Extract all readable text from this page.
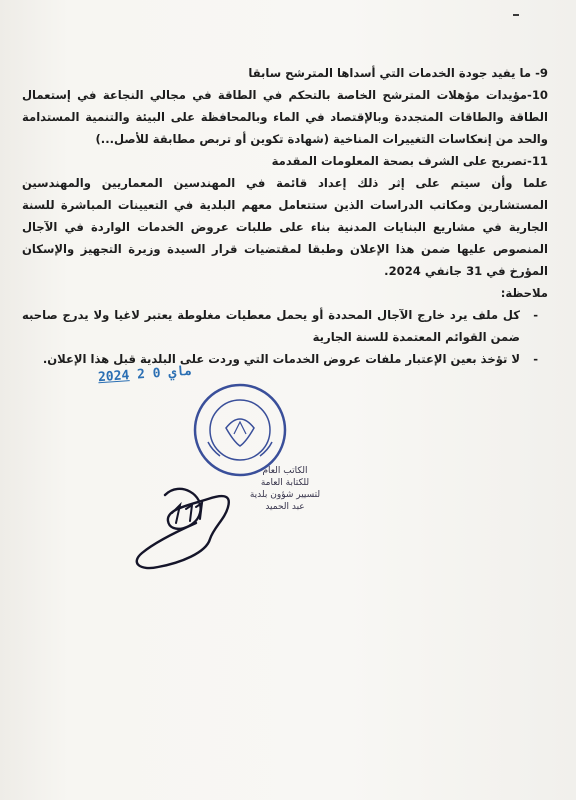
9- ما يفيد جودة الخدمات التي أسداها المترشح سابقا
10-مؤيدات مؤهلات المترشح الخاصة بالتحكم في الطاقة في مجالي النجاعة في إستعمال الطاقة والطاقات المتجددة وبالإقتصاد في الماء وبالمحافظة على البيئة والتنمية المستدامة والحد من إنعكاسات التغييرات المناخية (شهادة تكوين أو تربص مطابقة للأصل...)
11-تصريح على الشرف بصحة المعلومات المقدمة
علما وأن سيتم على إثر ذلك إعداد قائمة في المهندسين المعماريين والمهندسين المستشارين ومكاتب الدراسات الذين ستتعامل معهم البلدية في التعيينات المباشرة للسنة الجارية في مشاريع البنايات المدنية بناء على طلبات عروض الخدمات الواردة في الآجال المنصوص عليها ضمن هذا الإعلان وطبقا لمقتضيات قرار السيدة وزيرة التجهيز والإسكان المؤرخ في 31 جانفي 2024.
ملاحظة:
- كل ملف يرد خارج الآجال المحددة أو يحمل معطيات مغلوطة يعتبر لاغيا ولا يدرج صاحبه ضمن القوائم المعتمدة للسنة الجارية
- لا تؤخذ بعين الإعتبار ملفات عروض الخدمات التي وردت على البلدية قبل هذا الإعلان.
2024	ماي 0 2
الكاتب العام
للكتابة العامة
لتسيير شؤون بلدية
عبد الحميد
